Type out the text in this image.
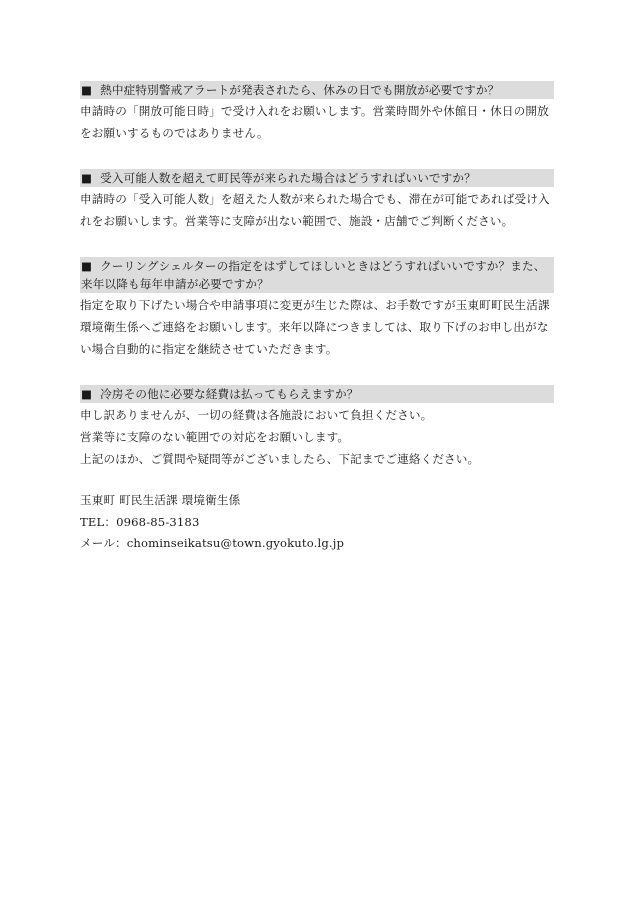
■ 熱中症特別警戒アラートが発表されたら、休みの日でも開放が必要ですか？

申請時の「開放可能日時」で受け入れをお願いします。営業時間外や休館日・休日の開放をお願いするものではありません。

■ 受入可能人数を超えて町民等が来られた場合はどうすればいいですか？

申請時の「受入可能人数」を超えた人数が来られた場合でも、滞在が可能であれば受け入れをお願いします。営業等に支障が出ない範囲で、施設・店舗でご判断ください。

■ クーリングシェルターの指定をはずしてほしいときはどうすればいいですか？また、来年以降も毎年申請が必要ですか？

指定を取り下げたい場合や申請事項に変更が生じた際は、お手数ですが玉東町町民生活課環境衛生係へご連絡をお願いします。来年以降につきましては、取り下げのお申し出がない場合自動的に指定を継続させていただきます。

■ 冷房その他に必要な経費は払ってもらえますか？

申し訳ありませんが、一切の経費は各施設において負担ください。

営業等に支障のない範囲での対応をお願いします。

上記のほか、ご質問や疑問等がございましたら、下記までご連絡ください。

玉東町 町民生活課 環境衛生係
TEL：0968-85-3183
メール：chominseikatsu@town.gyokuto.lg.jp
